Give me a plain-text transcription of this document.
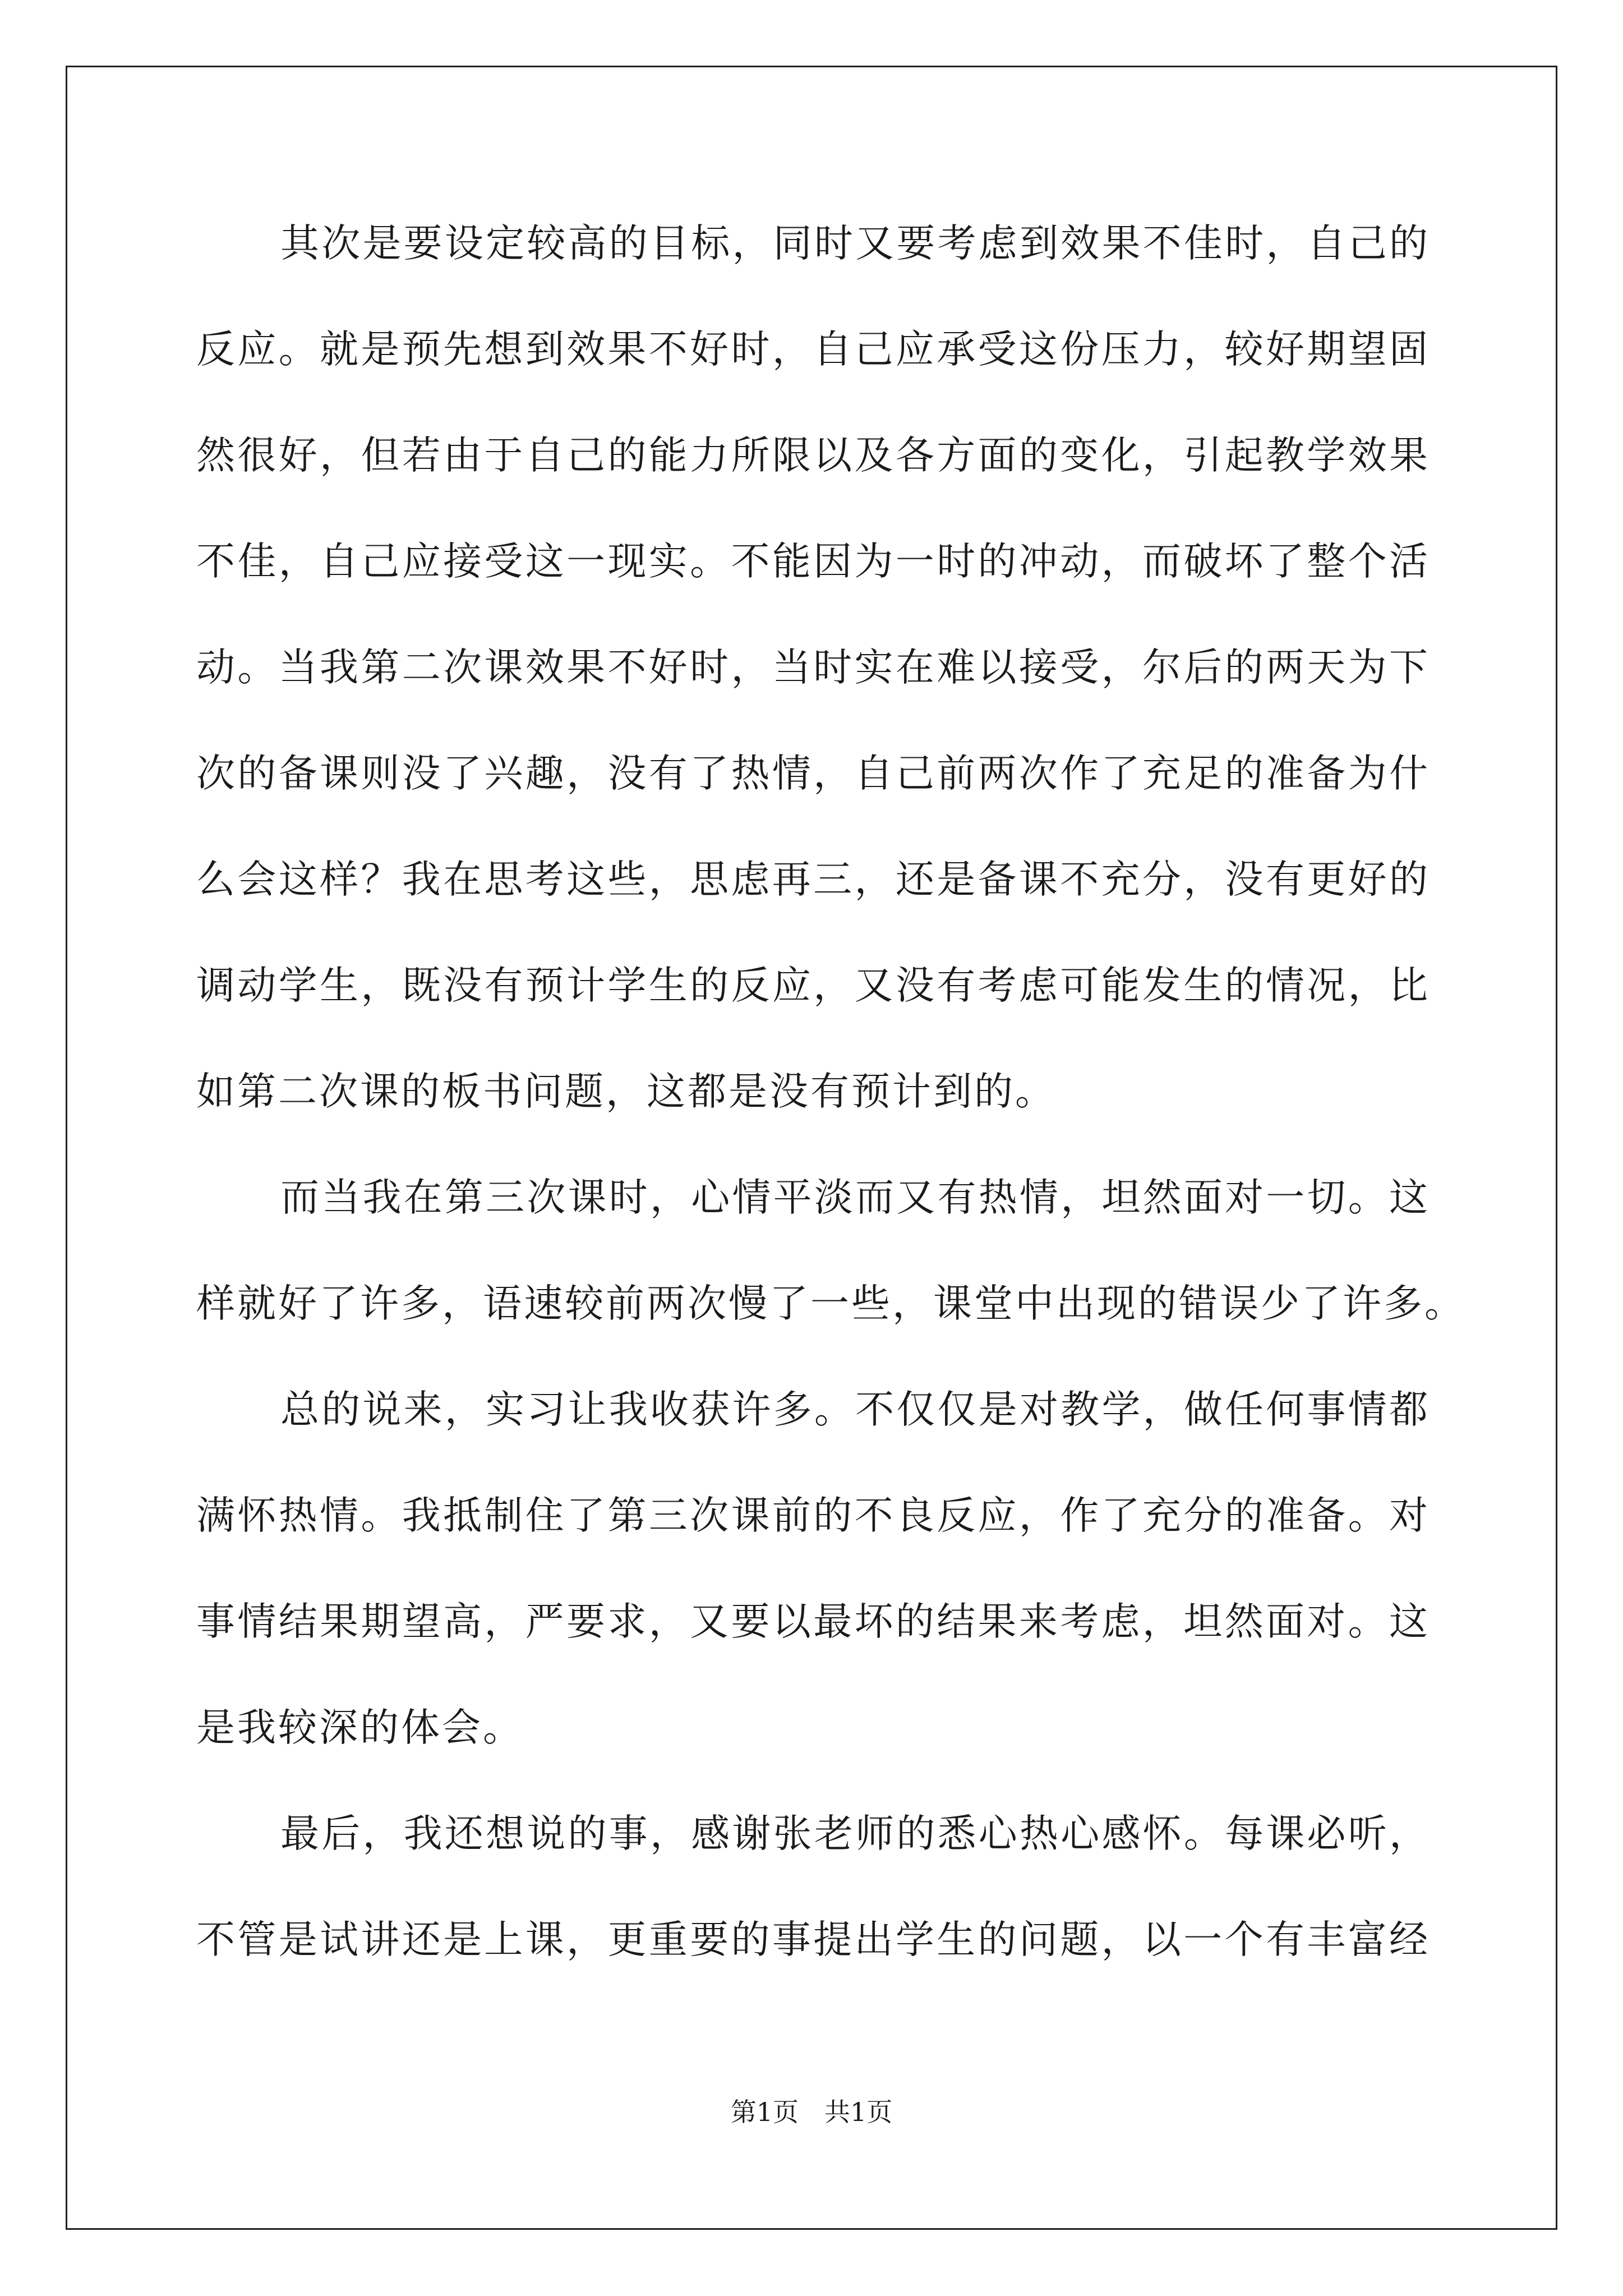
其次是要设定较高的目标，同时又要考虑到效果不佳时，自己的
反应。就是预先想到效果不好时，自己应承受这份压力，较好期望固
然很好，但若由于自己的能力所限以及各方面的变化，引起教学效果
不佳，自己应接受这一现实。不能因为一时的冲动，而破坏了整个活
动。当我第二次课效果不好时，当时实在难以接受，尔后的两天为下
次的备课则没了兴趣，没有了热情，自己前两次作了充足的准备为什
么会这样？我在思考这些，思虑再三，还是备课不充分，没有更好的
调动学生，既没有预计学生的反应，又没有考虑可能发生的情况，比
如第二次课的板书问题，这都是没有预计到的。
而当我在第三次课时，心情平淡而又有热情，坦然面对一切。这
样就好了许多，语速较前两次慢了一些，课堂中出现的错误少了许多。
总的说来，实习让我收获许多。不仅仅是对教学，做任何事情都
满怀热情。我抵制住了第三次课前的不良反应，作了充分的准备。对
事情结果期望高，严要求，又要以最坏的结果来考虑，坦然面对。这
是我较深的体会。
最后，我还想说的事，感谢张老师的悉心热心感怀。每课必听，
不管是试讲还是上课，更重要的事提出学生的问题，以一个有丰富经
第1页　共1页
